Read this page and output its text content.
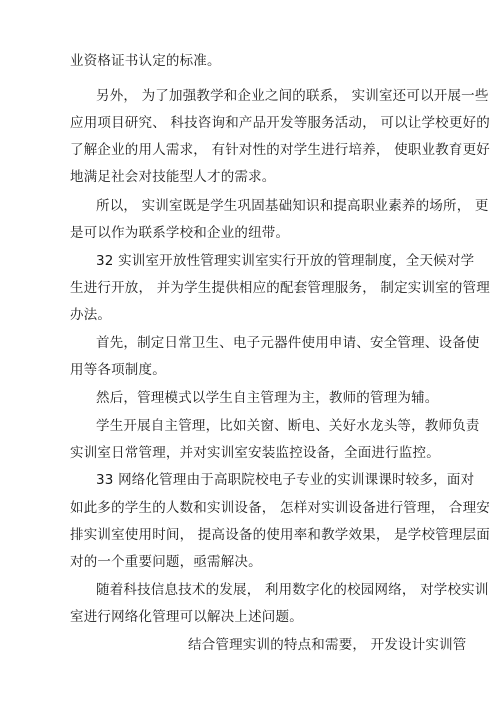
业资格证书认定的标准。
另外， 为了加强教学和企业之间的联系， 实训室还可以开展一些
应用项目研究、 科技咨询和产品开发等服务活动， 可以让学校更好的
了解企业的用人需求， 有针对性的对学生进行培养， 使职业教育更好
地满足社会对技能型人才的需求。
所以， 实训室既是学生巩固基础知识和提高职业素养的场所， 更
是可以作为联系学校和企业的纽带。
32 实训室开放性管理实训室实行开放的管理制度，全天候对学
生进行开放， 并为学生提供相应的配套管理服务， 制定实训室的管理
办法。
首先，制定日常卫生、电子元器件使用申请、安全管理、设备使
用等各项制度。
然后，管理模式以学生自主管理为主，教师的管理为辅。
学生开展自主管理，比如关窗、断电、关好水龙头等，教师负责
实训室日常管理，并对实训室安装监控设备，全面进行监控。
33 网络化管理由于高职院校电子专业的实训课课时较多，面对
如此多的学生的人数和实训设备， 怎样对实训设备进行管理， 合理安
排实训室使用时间， 提高设备的使用率和教学效果， 是学校管理层面
对的一个重要问题，亟需解决。
随着科技信息技术的发展， 利用数字化的校园网络， 对学校实训
室进行网络化管理可以解决上述问题。
结合管理实训的特点和需要， 开发设计实训管
